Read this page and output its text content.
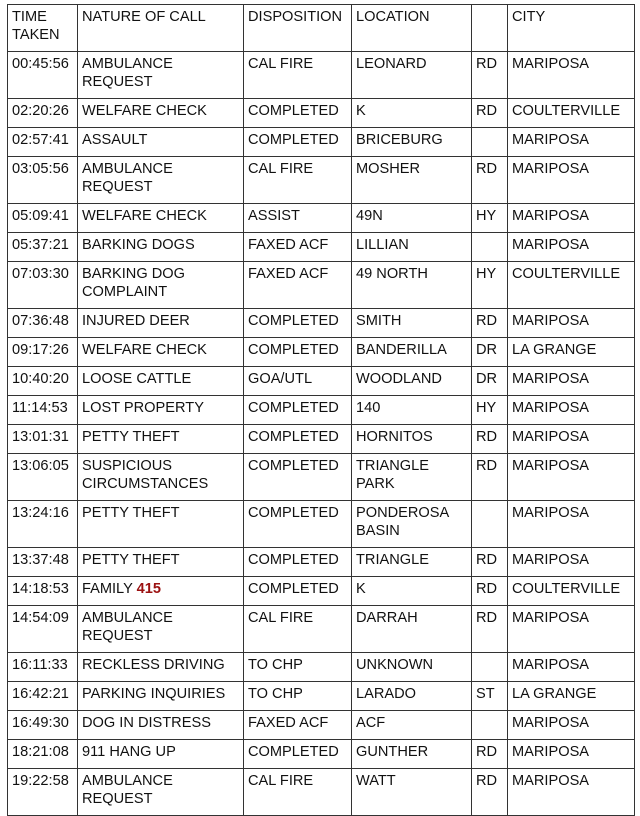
TIME TAKEN	NATURE OF CALL	DISPOSITION	LOCATION		CITY
00:45:56	AMBULANCE REQUEST	CAL FIRE	LEONARD	RD	MARIPOSA
02:20:26	WELFARE CHECK	COMPLETED	K	RD	COULTERVILLE
02:57:41	ASSAULT	COMPLETED	BRICEBURG		MARIPOSA
03:05:56	AMBULANCE REQUEST	CAL FIRE	MOSHER	RD	MARIPOSA
05:09:41	WELFARE CHECK	ASSIST	49N	HY	MARIPOSA
05:37:21	BARKING DOGS	FAXED ACF	LILLIAN		MARIPOSA
07:03:30	BARKING DOG COMPLAINT	FAXED ACF	49 NORTH	HY	COULTERVILLE
07:36:48	INJURED DEER	COMPLETED	SMITH	RD	MARIPOSA
09:17:26	WELFARE CHECK	COMPLETED	BANDERILLA	DR	LA GRANGE
10:40:20	LOOSE CATTLE	GOA/UTL	WOODLAND	DR	MARIPOSA
11:14:53	LOST PROPERTY	COMPLETED	140	HY	MARIPOSA
13:01:31	PETTY THEFT	COMPLETED	HORNITOS	RD	MARIPOSA
13:06:05	SUSPICIOUS CIRCUMSTANCES	COMPLETED	TRIANGLE PARK	RD	MARIPOSA
13:24:16	PETTY THEFT	COMPLETED	PONDEROSA BASIN		MARIPOSA
13:37:48	PETTY THEFT	COMPLETED	TRIANGLE	RD	MARIPOSA
14:18:53	FAMILY 415	COMPLETED	K	RD	COULTERVILLE
14:54:09	AMBULANCE REQUEST	CAL FIRE	DARRAH	RD	MARIPOSA
16:11:33	RECKLESS DRIVING	TO CHP	UNKNOWN		MARIPOSA
16:42:21	PARKING INQUIRIES	TO CHP	LARADO	ST	LA GRANGE
16:49:30	DOG IN DISTRESS	FAXED ACF	ACF		MARIPOSA
18:21:08	911 HANG UP	COMPLETED	GUNTHER	RD	MARIPOSA
19:22:58	AMBULANCE REQUEST	CAL FIRE	WATT	RD	MARIPOSA
